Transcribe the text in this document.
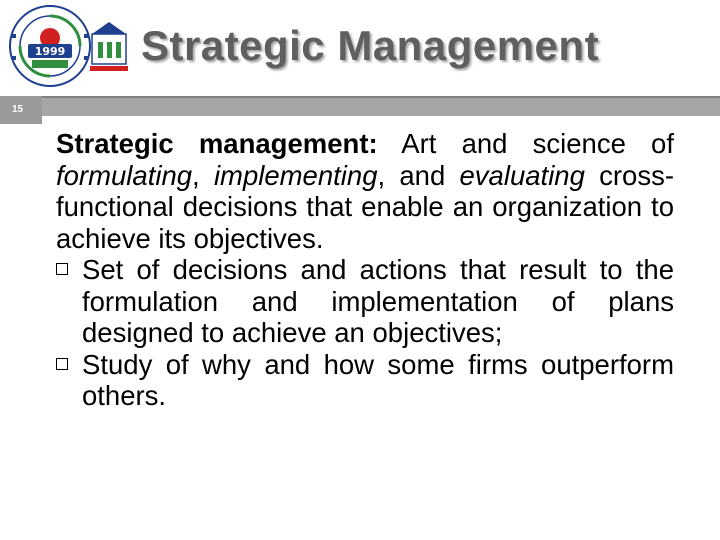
1999	Strategic Management
15

Strategic management: Art and science of formulating, implementing, and evaluating cross-functional decisions that enable an organization to achieve its objectives.

Set of decisions and actions that result to the formulation and implementation of plans designed to achieve an objectives;
Study of why and how some firms outperform others.
